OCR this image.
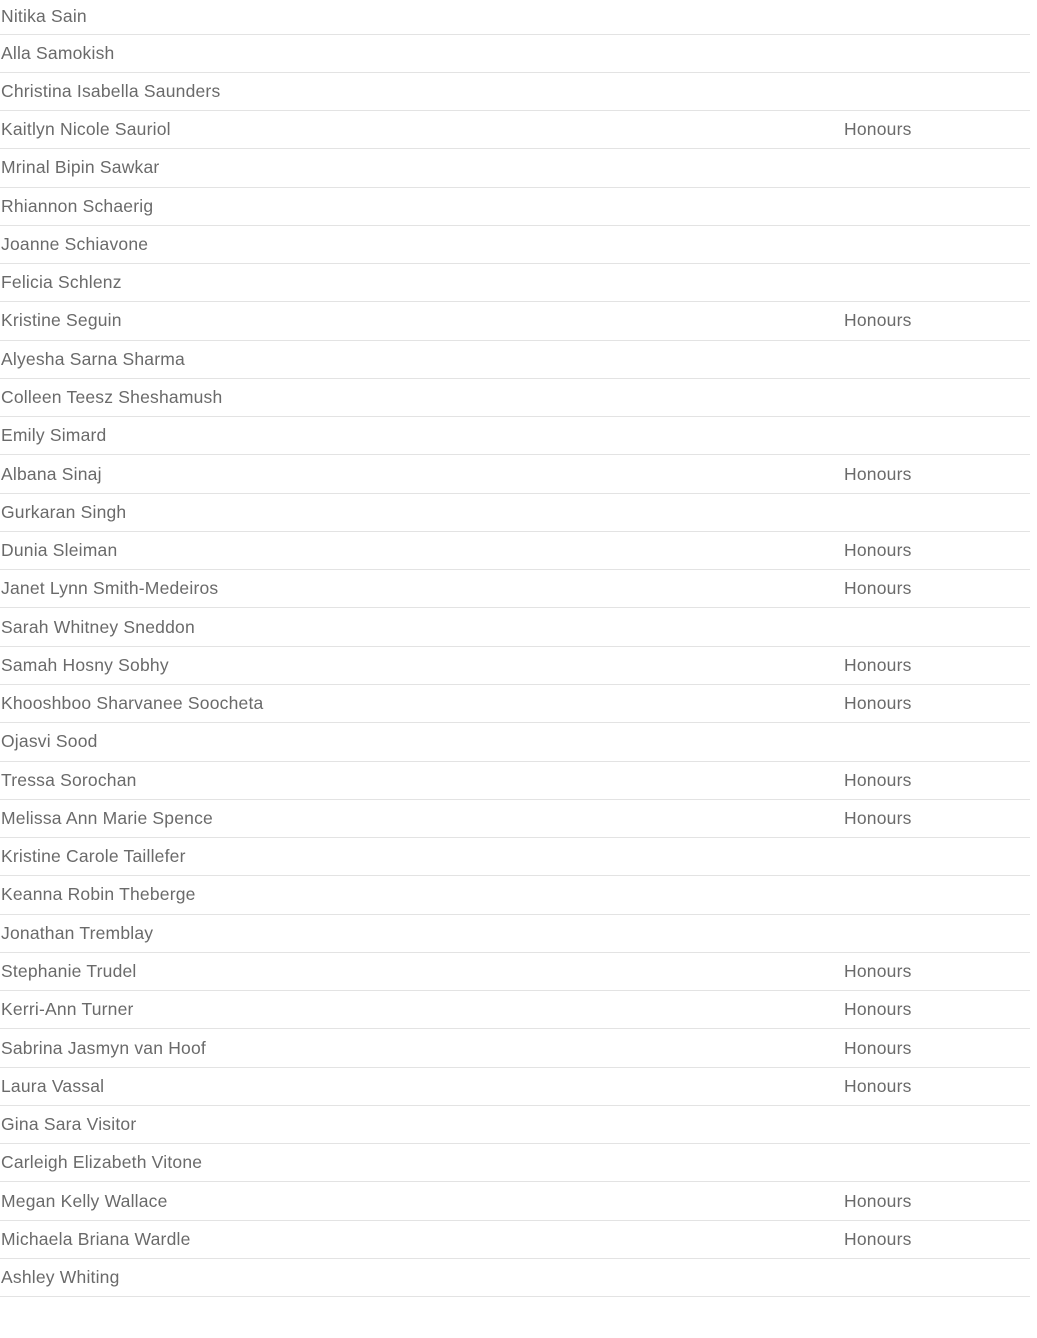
Nitika Sain
Alla Samokish
Christina Isabella Saunders
Kaitlyn Nicole Sauriol	Honours
Mrinal Bipin Sawkar
Rhiannon Schaerig
Joanne Schiavone
Felicia Schlenz
Kristine Seguin	Honours
Alyesha Sarna Sharma
Colleen Teesz Sheshamush
Emily Simard
Albana Sinaj	Honours
Gurkaran Singh
Dunia Sleiman	Honours
Janet Lynn Smith-Medeiros	Honours
Sarah Whitney Sneddon
Samah Hosny Sobhy	Honours
Khooshboo Sharvanee Soocheta	Honours
Ojasvi Sood
Tressa Sorochan	Honours
Melissa Ann Marie Spence	Honours
Kristine Carole Taillefer
Keanna Robin Theberge
Jonathan Tremblay
Stephanie Trudel	Honours
Kerri-Ann Turner	Honours
Sabrina Jasmyn van Hoof	Honours
Laura Vassal	Honours
Gina Sara Visitor
Carleigh Elizabeth Vitone
Megan Kelly Wallace	Honours
Michaela Briana Wardle	Honours
Ashley Whiting
